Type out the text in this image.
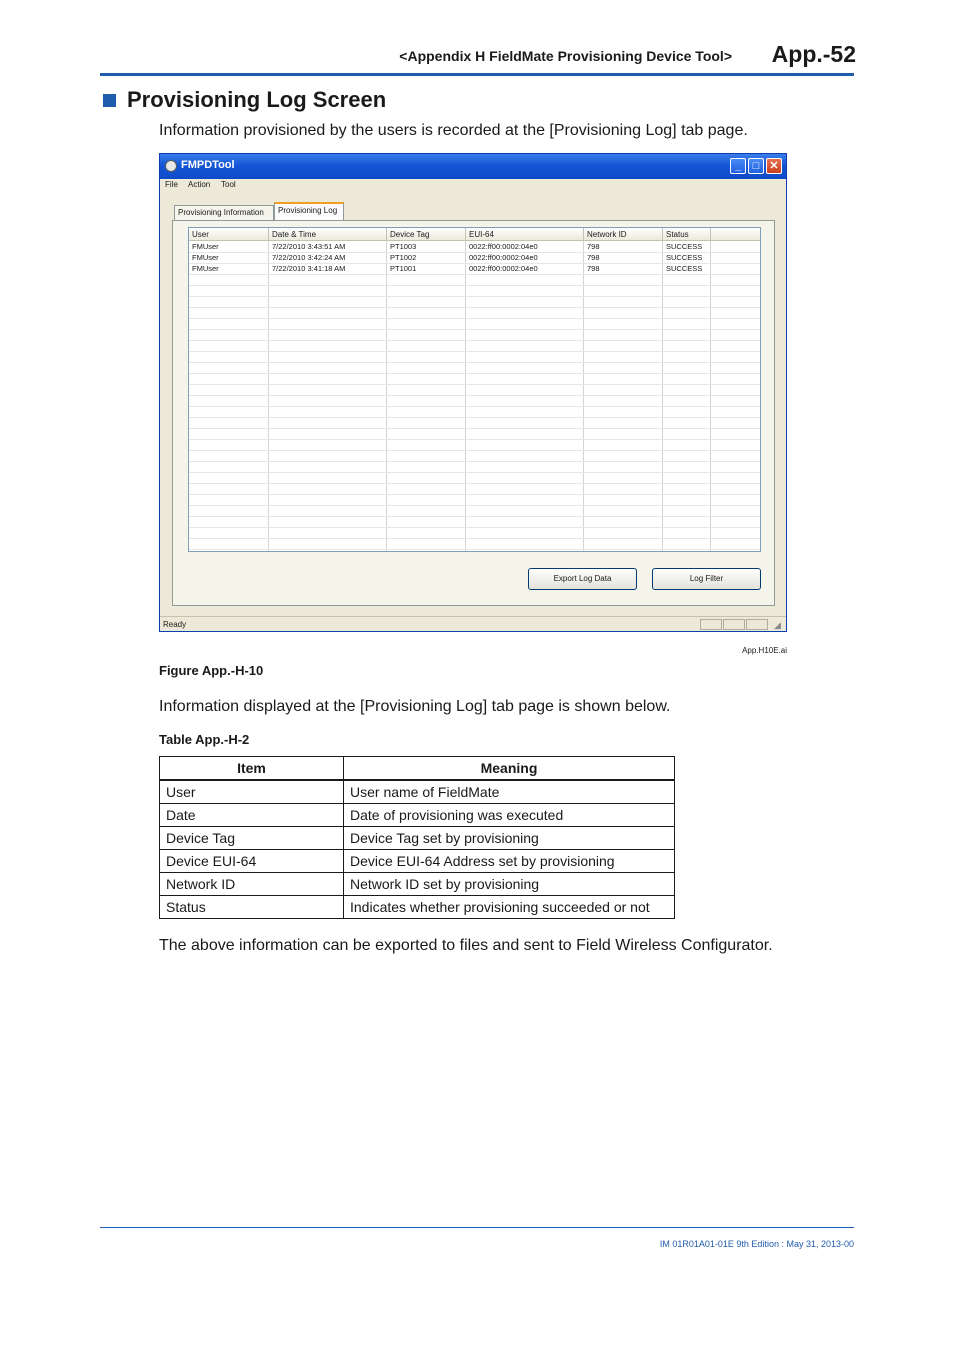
<Appendix H FieldMate Provisioning Device Tool> App.-52
Provisioning Log Screen
Information provisioned by the users is recorded at the [Provisioning Log] tab page.
FMPDTool	_	□ ✕
File Action Tool
Provisioning Information	Provisioning Log
User	Date & Time	Device Tag	EUI-64	Network ID	Status
FMUser	7/22/2010 3:43:51 AM	PT1003	0022:ff00:0002:04e0	798	SUCCESS
FMUser	7/22/2010 3:42:24 AM	PT1002	0022:ff00:0002:04e0	798	SUCCESS
FMUser	7/22/2010 3:41:18 AM	PT1001	0022:ff00:0002:04e0	798	SUCCESS
Export Log Data	Log Filter
Ready	◢
App.H10E.ai
Figure App.-H-10
Information displayed at the [Provisioning Log] tab page is shown below.
Table App.-H-2
Item	Meaning
User	User name of FieldMate
Date	Date of provisioning was executed
Device Tag	Device Tag set by provisioning
Device EUI-64	Device EUI-64 Address set by provisioning
Network ID	Network ID set by provisioning
Status	Indicates whether provisioning succeeded or not
The above information can be exported to files and sent to Field Wireless Configurator.
IM 01R01A01-01E 9th Edition : May 31, 2013-00
